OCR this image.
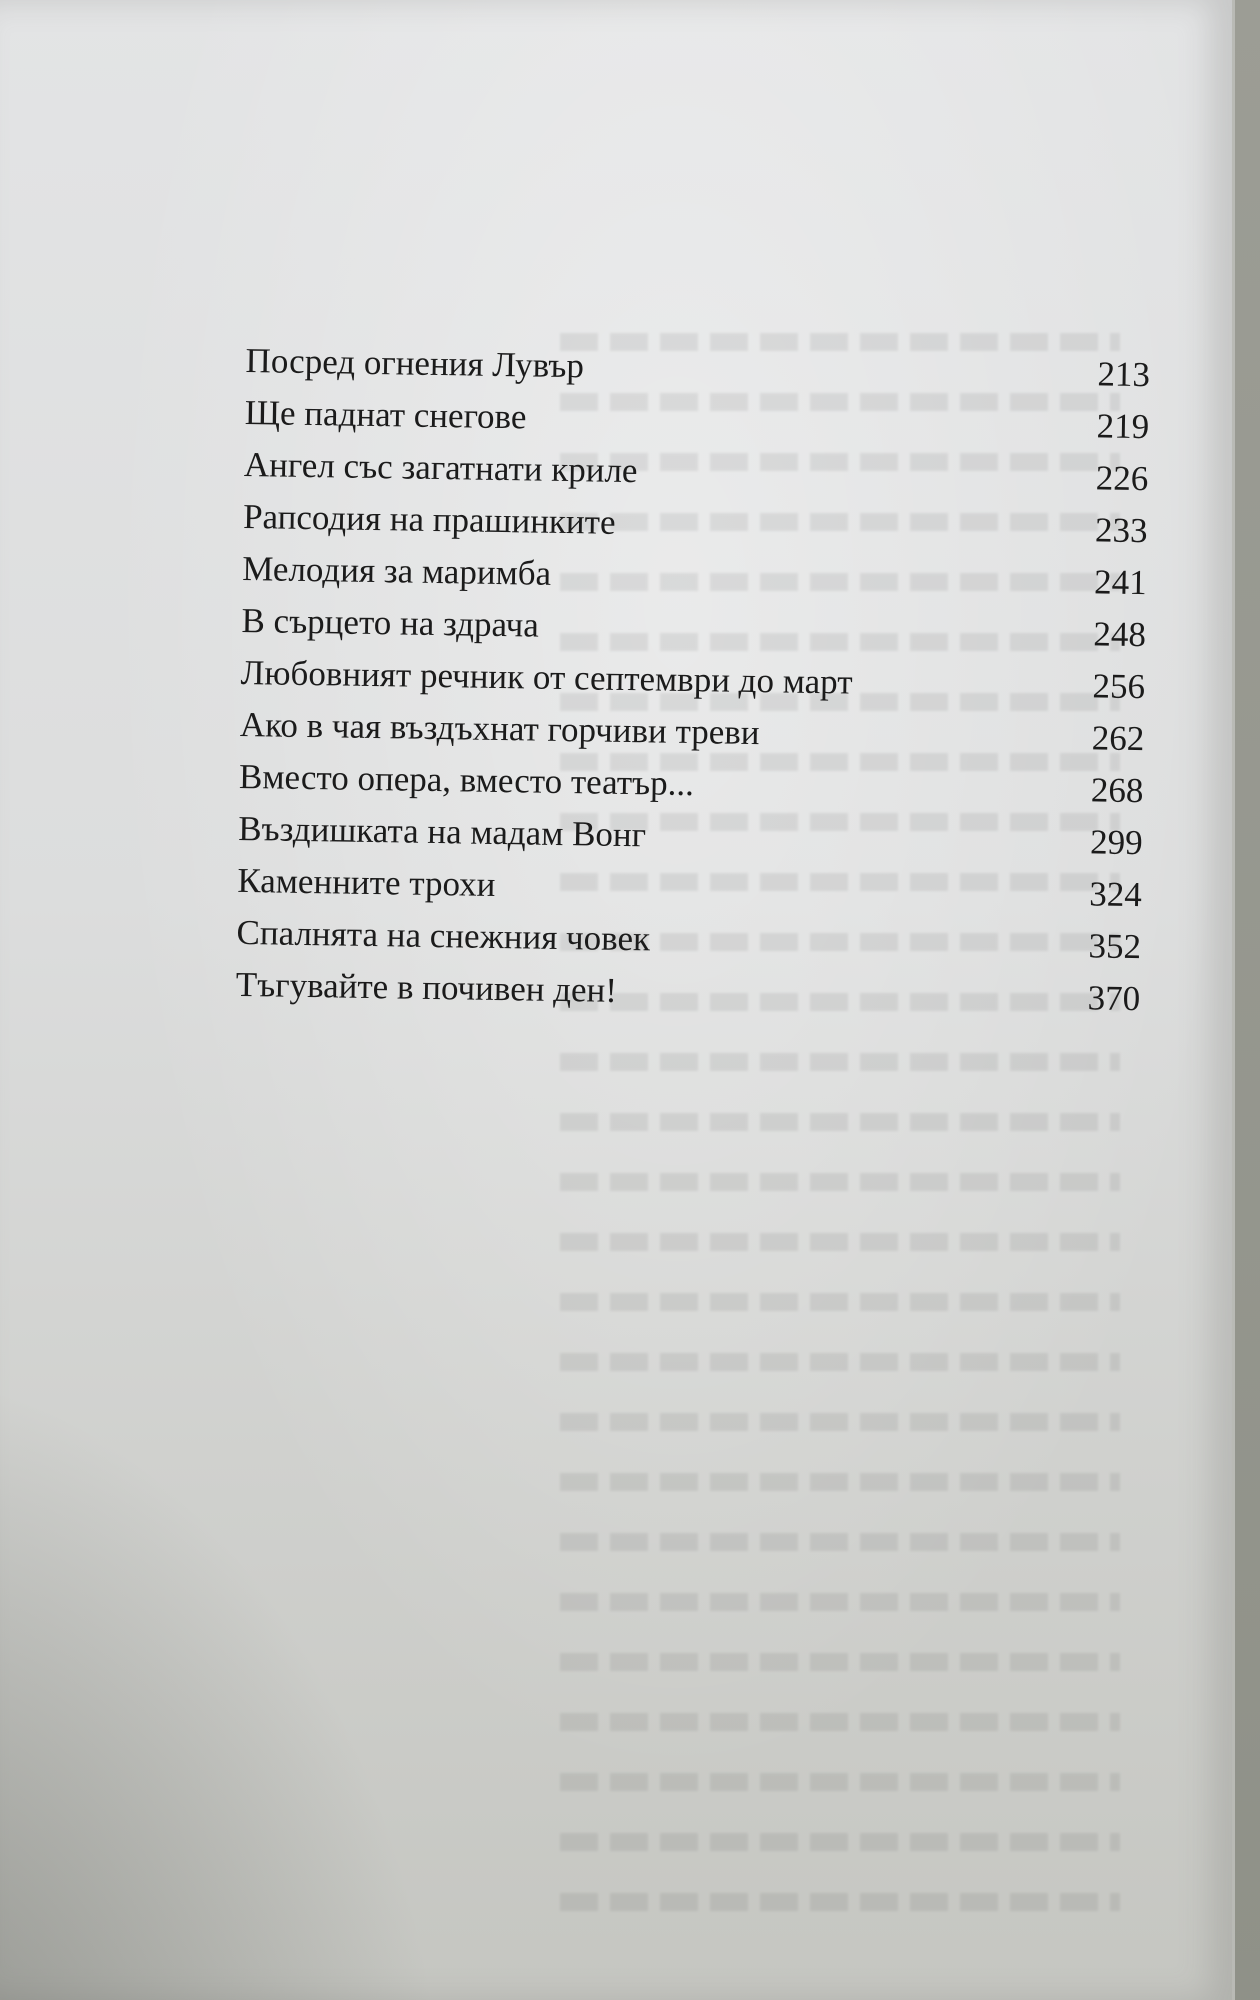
Посред огнения Лувър	213
Ще паднат снегове	219
Ангел със загатнати криле	226
Рапсодия на прашинките	233
Мелодия за маримба	241
В сърцето на здрача	248
Любовният речник от септември до март	256
Ако в чая въздъхнат горчиви треви	262
Вместо опера, вместо театър...	268
Въздишката на мадам Вонг	299
Каменните трохи	324
Спалнята на снежния човек	352
Тъгувайте в почивен ден!	370
